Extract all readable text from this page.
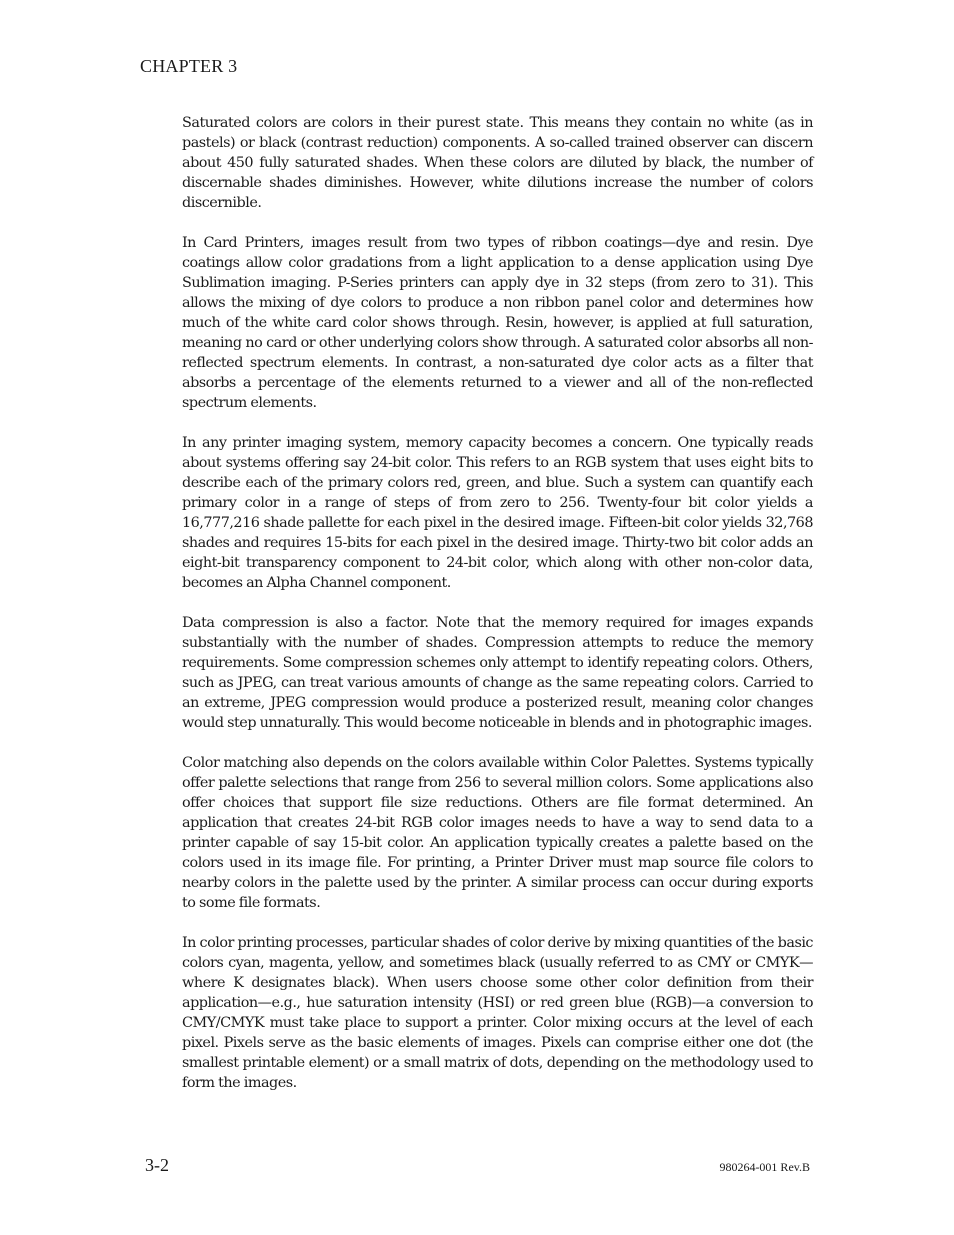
CHAPTER 3

Saturated colors are colors in their purest state. This means they contain no white (as in pastels) or black (contrast reduction) components. A so-called trained observer can discern about 450 fully saturated shades. When these colors are diluted by black, the number of discernable shades diminishes. However, white dilutions increase the number of colors discernible.

In Card Printers, images result from two types of ribbon coatings—dye and resin. Dye coatings allow color gradations from a light application to a dense application using Dye Sublimation imaging. P-Series printers can apply dye in 32 steps (from zero to 31). This allows the mixing of dye colors to produce a non ribbon panel color and determines how much of the white card color shows through. Resin, however, is applied at full saturation, meaning no card or other underlying colors show through. A saturated color absorbs all non-reflected spectrum elements. In contrast, a non-saturated dye color acts as a filter that absorbs a percentage of the elements returned to a viewer and all of the non-reflected spectrum elements.

In any printer imaging system, memory capacity becomes a concern. One typically reads about systems offering say 24-bit color. This refers to an RGB system that uses eight bits to describe each of the primary colors red, green, and blue. Such a system can quantify each primary color in a range of steps of from zero to 256. Twenty-four bit color yields a 16,777,216 shade pallette for each pixel in the desired image. Fifteen-bit color yields 32,768 shades and requires 15-bits for each pixel in the desired image. Thirty-two bit color adds an eight-bit transparency component to 24-bit color, which along with other non-color data, becomes an Alpha Channel component.

Data compression is also a factor. Note that the memory required for images expands substantially with the number of shades. Compression attempts to reduce the memory requirements. Some compression schemes only attempt to identify repeating colors. Others, such as JPEG, can treat various amounts of change as the same repeating colors. Carried to an extreme, JPEG compression would produce a posterized result, meaning color changes would step unnaturally. This would become noticeable in blends and in photographic images.

Color matching also depends on the colors available within Color Palettes. Systems typically offer palette selections that range from 256 to several million colors. Some applications also offer choices that support file size reductions. Others are file format determined. An application that creates 24-bit RGB color images needs to have a way to send data to a printer capable of say 15-bit color. An application typically creates a palette based on the colors used in its image file. For printing, a Printer Driver must map source file colors to nearby colors in the palette used by the printer. A similar process can occur during exports to some file formats.

In color printing processes, particular shades of color derive by mixing quantities of the basic colors cyan, magenta, yellow, and sometimes black (usually referred to as CMY or CMYK—where K designates black). When users choose some other color definition from their application—e.g., hue saturation intensity (HSI) or red green blue (RGB)—a conversion to CMY/CMYK must take place to support a printer. Color mixing occurs at the level of each pixel. Pixels serve as the basic elements of images. Pixels can comprise either one dot (the smallest printable element) or a small matrix of dots, depending on the methodology used to form the images.

3-2	980264-001 Rev.B
